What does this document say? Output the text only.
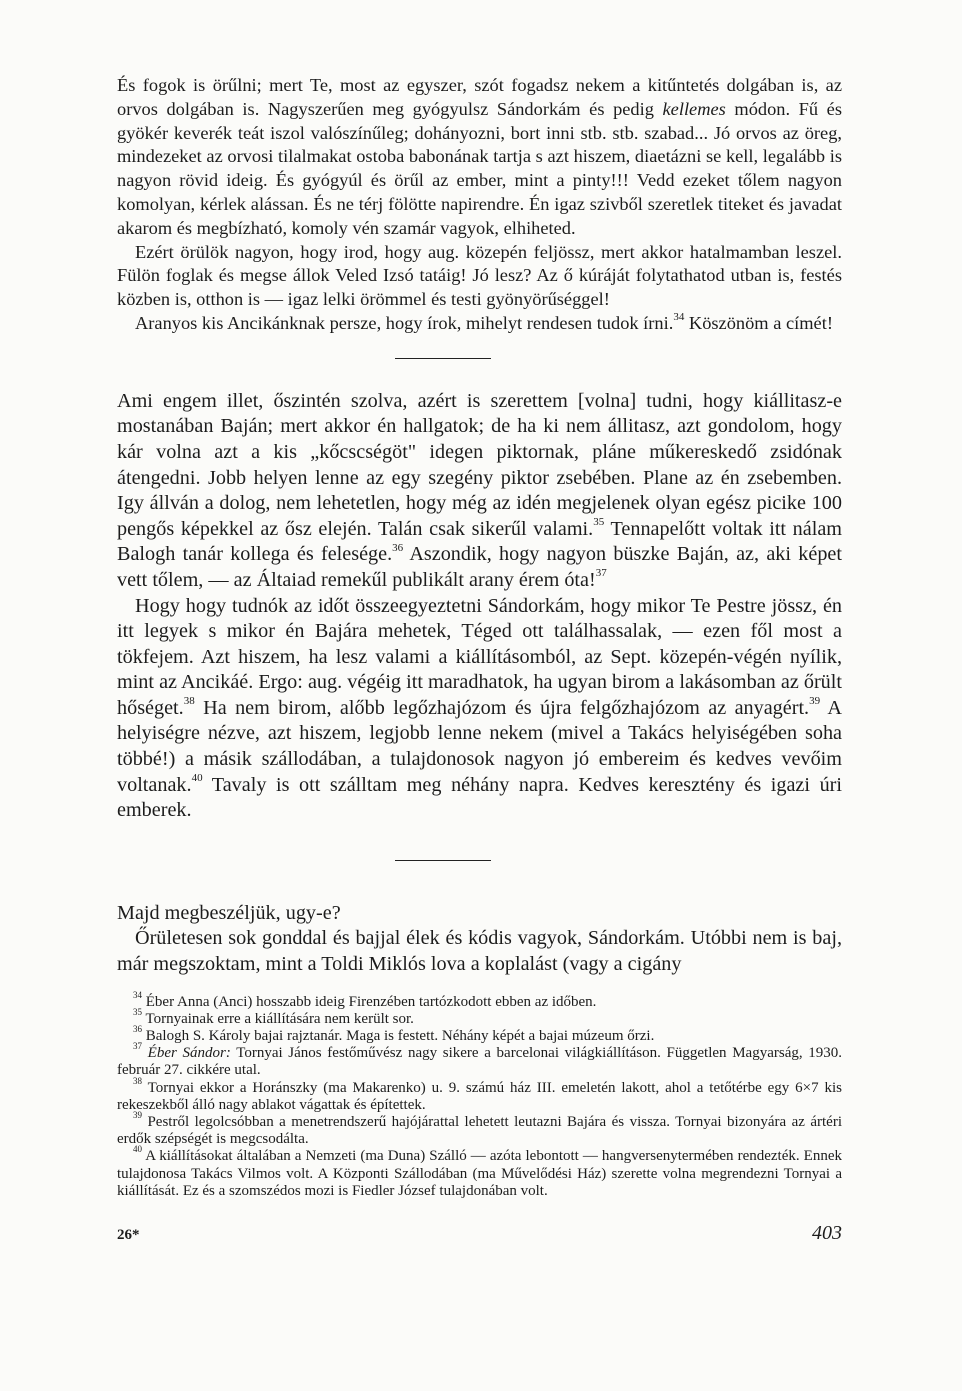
És fogok is örűlni; mert Te, most az egyszer, szót fogadsz nekem a kitűntetés dolgában is, az orvos dolgában is. Nagyszerűen meg gyógyulsz Sándorkám és pedig kellemes módon. Fű és gyökér keverék teát iszol valószínűleg; dohányozni, bort inni stb. stb. szabad... Jó orvos az öreg, mindezeket az orvosi tilalmakat ostoba babonának tartja s azt hiszem, diaetázni se kell, legalább is nagyon rövid ideig. És gyógyúl és örűl az ember, mint a pinty!!! Vedd ezeket tőlem nagyon komolyan, kérlek alássan. És ne térj fölötte napirendre. Én igaz szivből szeretlek titeket és javadat akarom és megbízható, komoly vén szamár vagyok, elhiheted.

Ezért örülök nagyon, hogy irod, hogy aug. közepén feljössz, mert akkor hatalmamban leszel. Fülön foglak és megse állok Veled Izsó tatáig! Jó lesz? Az ő kúráját folytathatod utban is, festés közben is, otthon is — igaz lelki örömmel és testi gyönyörűséggel!

Aranyos kis Ancikánknak persze, hogy írok, mihelyt rendesen tudok írni.$^{34}$ Köszönöm a címét!

Ami engem illet, őszintén szolva, azért is szerettem [volna] tudni, hogy kiállitasz-e mostanában Baján; mert akkor én hallgatok; de ha ki nem állitasz, azt gondolom, hogy kár volna azt a kis „kőcscségöt" idegen piktornak, pláne műkereskedő zsidónak átengedni. Jobb helyen lenne az egy szegény piktor zsebében. Plane az én zsebemben. Igy állván a dolog, nem lehetetlen, hogy még az idén megjelenek olyan egész picike 100 pengős képekkel az ősz elején. Talán csak sikerűl valami.$^{35}$ Tennapelőtt voltak itt nálam Balogh tanár kollega és felesége.$^{36}$ Aszondik, hogy nagyon büszke Baján, az, aki képet vett tőlem, — az Áltaiad remekűl publikált arany érem óta!$^{37}$

Hogy hogy tudnók az időt összeegyeztetni Sándorkám, hogy mikor Te Pestre jössz, én itt legyek s mikor én Bajára mehetek, Téged ott találhassalak, — ezen fől most a tökfejem. Azt hiszem, ha lesz valami a kiállításomból, az Sept. közepén-végén nyílik, mint az Ancikáé. Ergo: aug. végéig itt maradhatok, ha ugyan birom a lakásomban az őrült hőséget.$^{38}$ Ha nem birom, alőbb legőzhajózom és újra felgőzhajózom az anyagért.$^{39}$ A helyiségre nézve, azt hiszem, legjobb lenne nekem (mivel a Takács helyiségében soha többé!) a másik szállodában, a tulajdonosok nagyon jó embereim és kedves vevőim voltanak.$^{40}$ Tavaly is ott szálltam meg néhány napra. Kedves keresztény és igazi úri emberek.

Majd megbeszéljük, ugy-e?

Őrületesen sok gonddal és bajjal élek és kódis vagyok, Sándorkám. Utóbbi nem is baj, már megszoktam, mint a Toldi Miklós lova a koplalást (vagy a cigány

$^{34}$ Éber Anna (Anci) hosszabb ideig Firenzében tartózkodott ebben az időben.

$^{35}$ Tornyainak erre a kiállítására nem került sor.

$^{36}$ Balogh S. Károly bajai rajztanár. Maga is festett. Néhány képét a bajai múzeum őrzi.

$^{37}$ Éber Sándor: Tornyai János festőművész nagy sikere a barcelonai világkiállításon. Független Magyarság, 1930. február 27. cikkére utal.

$^{38}$ Tornyai ekkor a Horánszky (ma Makarenko) u. 9. számú ház III. emeletén lakott, ahol a tetőtérbe egy 6×7 kis rekeszekből álló nagy ablakot vágattak és építettek.

$^{39}$ Pestről legolcsóbban a menetrendszerű hajójárattal lehetett leutazni Bajára és vissza. Tornyai bizonyára az ártéri erdők szépségét is megcsodálta.

$^{40}$ A kiállításokat általában a Nemzeti (ma Duna) Szálló — azóta lebontott — hangversenytermében rendezték. Ennek tulajdonosa Takács Vilmos volt. A Központi Szállodában (ma Művelődési Ház) szerette volna megrendezni Tornyai a kiállítását. Ez és a szomszédos mozi is Fiedler József tulajdonában volt.

26*	403
